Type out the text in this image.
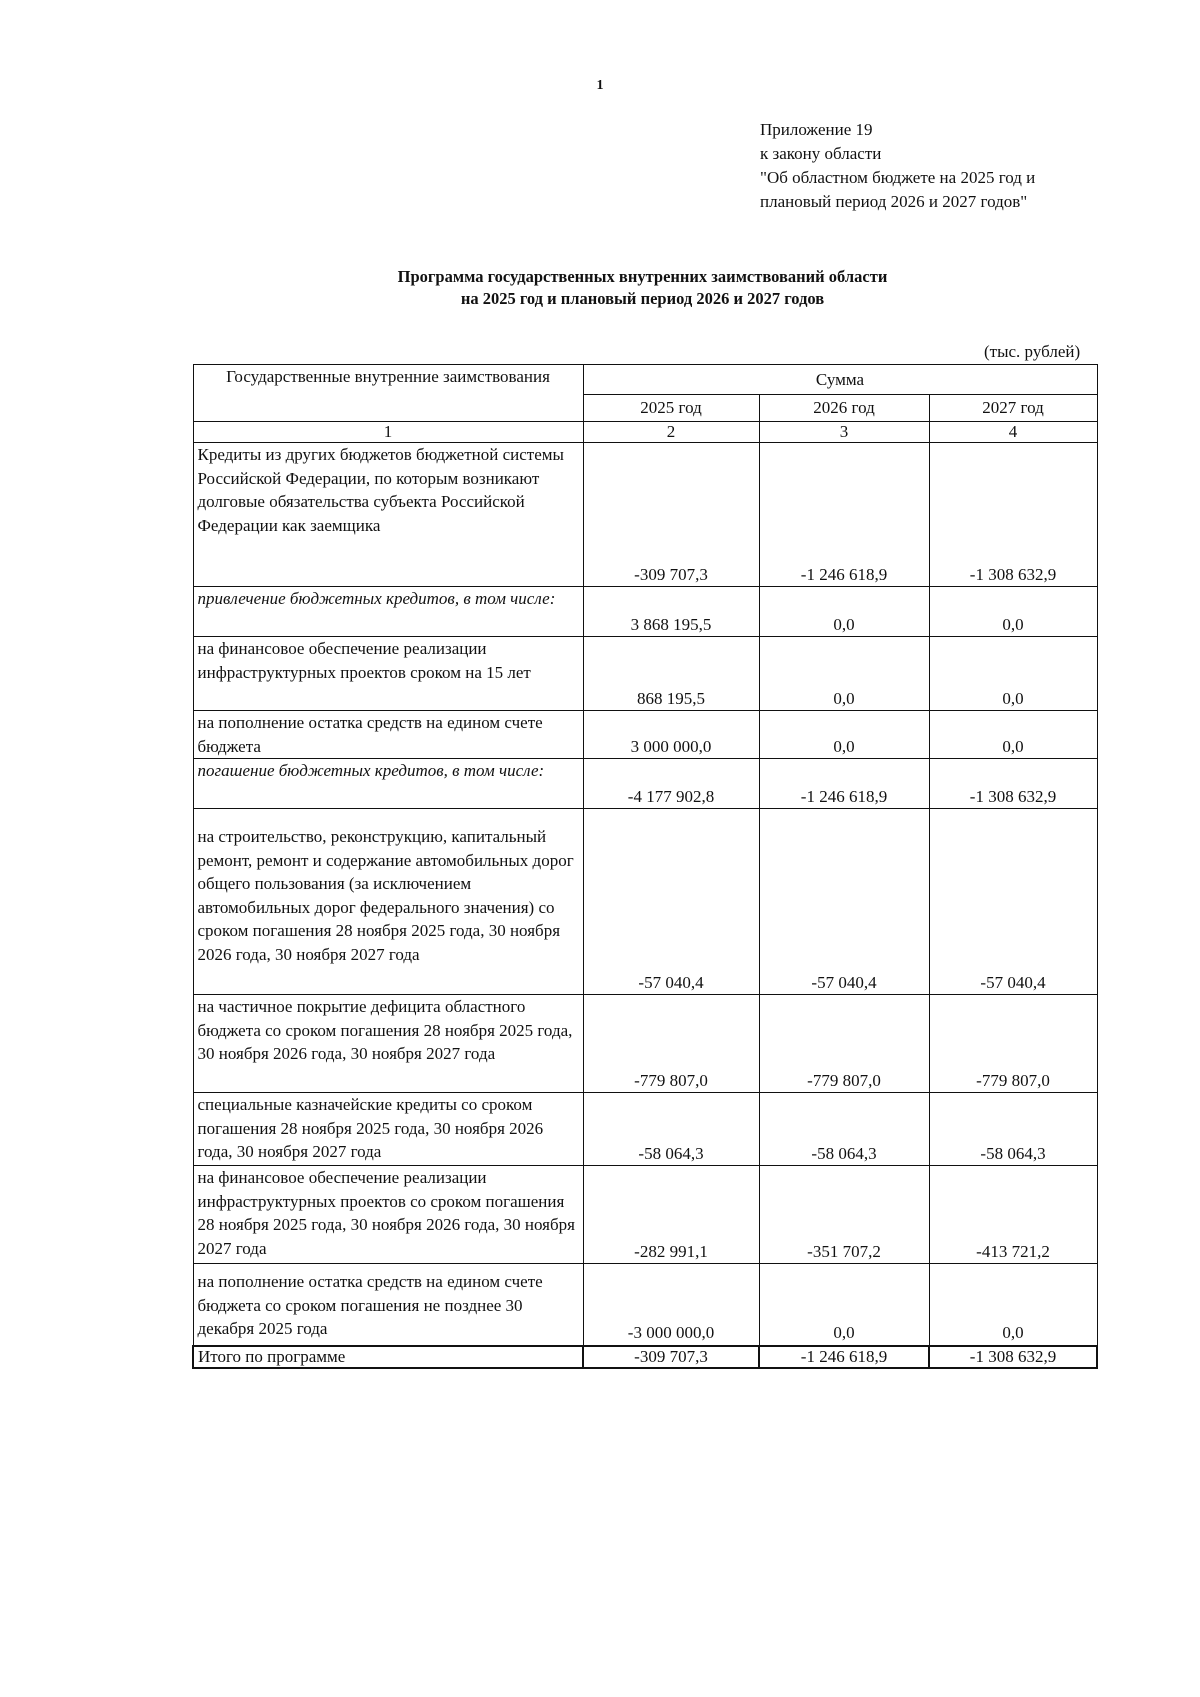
1
Приложение 19
к закону области
"Об областном бюджете на 2025 год и
плановый период 2026 и 2027 годов"
Программа государственных внутренних заимствований области
на 2025 год и плановый период 2026 и 2027 годов
(тыс. рублей)
Государственные внутренние заимствования	Сумма		
	2025 год	2026 год	2027 год
1	2	3	4
Кредиты из других бюджетов бюджетной системы Российской Федерации, по которым возникают долговые обязательства субъекта Российской Федерации как заемщика	-309 707,3	-1 246 618,9	-1 308 632,9
привлечение бюджетных кредитов, в том числе:	3 868 195,5	0,0	0,0
на финансовое обеспечение реализации инфраструктурных проектов сроком на 15 лет	868 195,5	0,0	0,0
на пополнение остатка средств на едином счете бюджета	3 000 000,0	0,0	0,0
погашение бюджетных кредитов, в том числе:	-4 177 902,8	-1 246 618,9	-1 308 632,9
на строительство, реконструкцию, капитальный ремонт, ремонт и содержание автомобильных дорог общего пользования (за исключением автомобильных дорог федерального значения) со сроком погашения 28 ноября 2025 года, 30 ноября 2026 года, 30 ноября 2027 года	-57 040,4	-57 040,4	-57 040,4
на частичное покрытие дефицита областного бюджета со сроком погашения 28 ноября 2025 года, 30 ноября 2026 года, 30 ноября 2027 года	-779 807,0	-779 807,0	-779 807,0
специальные казначейские кредиты со сроком погашения 28 ноября 2025 года, 30 ноября 2026 года, 30 ноября 2027 года	-58 064,3	-58 064,3	-58 064,3
на финансовое обеспечение реализации инфраструктурных проектов со сроком погашения 28 ноября 2025 года, 30 ноября 2026 года, 30 ноября 2027 года	-282 991,1	-351 707,2	-413 721,2
на пополнение остатка средств на едином счете бюджета со сроком погашения не позднее 30 декабря 2025 года	-3 000 000,0	0,0	0,0
Итого по программе	-309 707,3	-1 246 618,9	-1 308 632,9
